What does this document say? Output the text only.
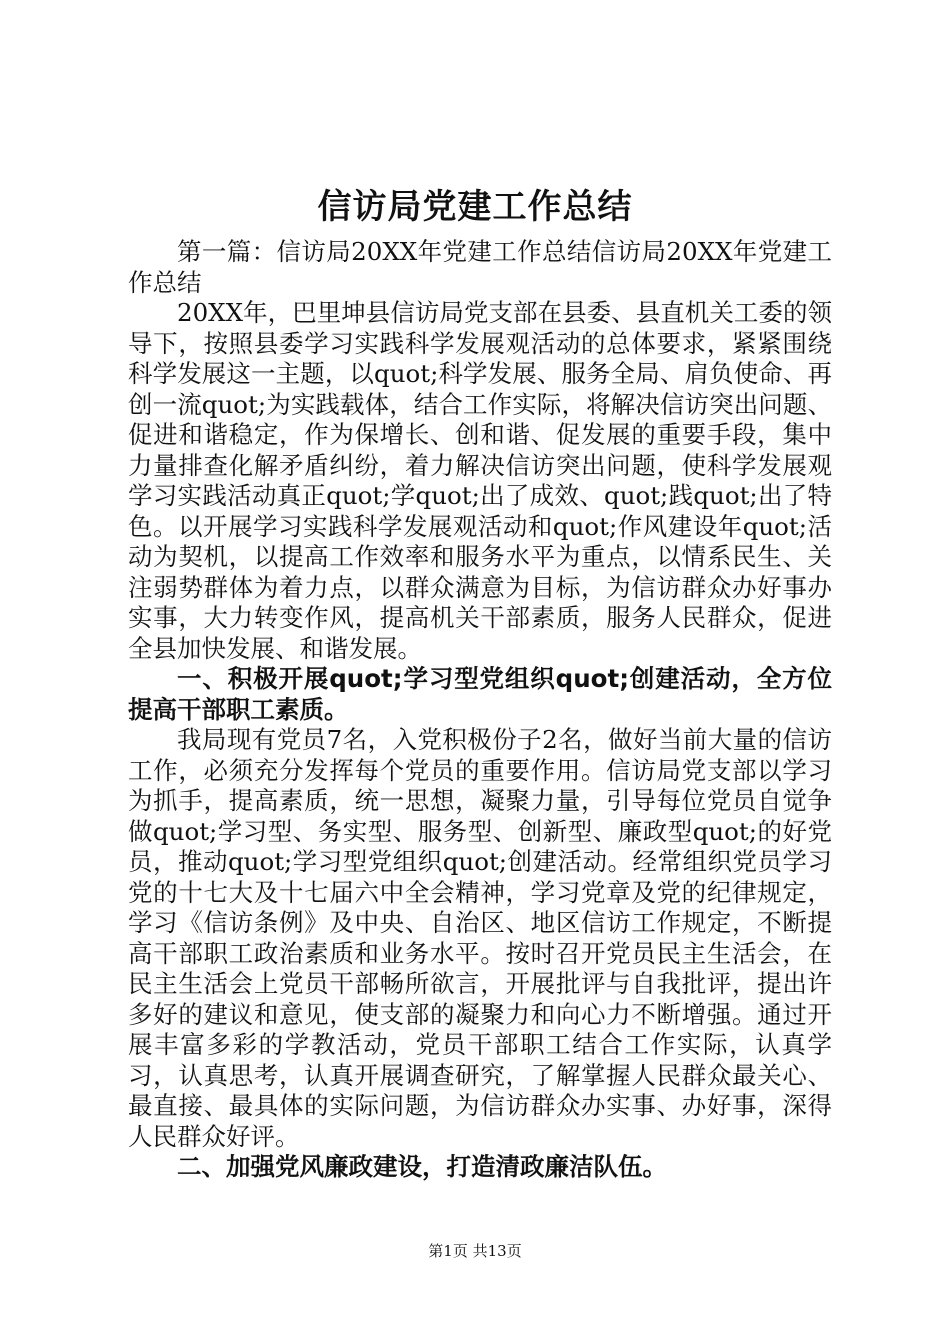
信访局党建工作总结

第一篇：信访局20XX年党建工作总结信访局20XX年党建工作总结

20XX年，巴里坤县信访局党支部在县委、县直机关工委的领导下，按照县委学习实践科学发展观活动的总体要求，紧紧围绕科学发展这一主题，以quot;科学发展、服务全局、肩负使命、再创一流quot;为实践载体，结合工作实际，将解决信访突出问题、促进和谐稳定，作为保增长、创和谐、促发展的重要手段，集中力量排查化解矛盾纠纷，着力解决信访突出问题，使科学发展观学习实践活动真正quot;学quot;出了成效、quot;践quot;出了特色。以开展学习实践科学发展观活动和quot;作风建设年quot;活动为契机，以提高工作效率和服务水平为重点，以情系民生、关注弱势群体为着力点，以群众满意为目标，为信访群众办好事办实事，大力转变作风，提高机关干部素质，服务人民群众，促进全县加快发展、和谐发展。

一、积极开展quot;学习型党组织quot;创建活动，全方位提高干部职工素质。

我局现有党员7名，入党积极份子2名，做好当前大量的信访工作，必须充分发挥每个党员的重要作用。信访局党支部以学习为抓手，提高素质，统一思想，凝聚力量，引导每位党员自觉争做quot;学习型、务实型、服务型、创新型、廉政型quot;的好党员，推动quot;学习型党组织quot;创建活动。经常组织党员学习党的十七大及十七届六中全会精神，学习党章及党的纪律规定，学习《信访条例》及中央、自治区、地区信访工作规定，不断提高干部职工政治素质和业务水平。按时召开党员民主生活会，在民主生活会上党员干部畅所欲言，开展批评与自我批评，提出许多好的建议和意见，使支部的凝聚力和向心力不断增强。通过开展丰富多彩的学教活动，党员干部职工结合工作实际，认真学习，认真思考，认真开展调查研究，了解掌握人民群众最关心、最直接、最具体的实际问题，为信访群众办实事、办好事，深得人民群众好评。

二、加强党风廉政建设，打造清政廉洁队伍。

第1页 共13页
